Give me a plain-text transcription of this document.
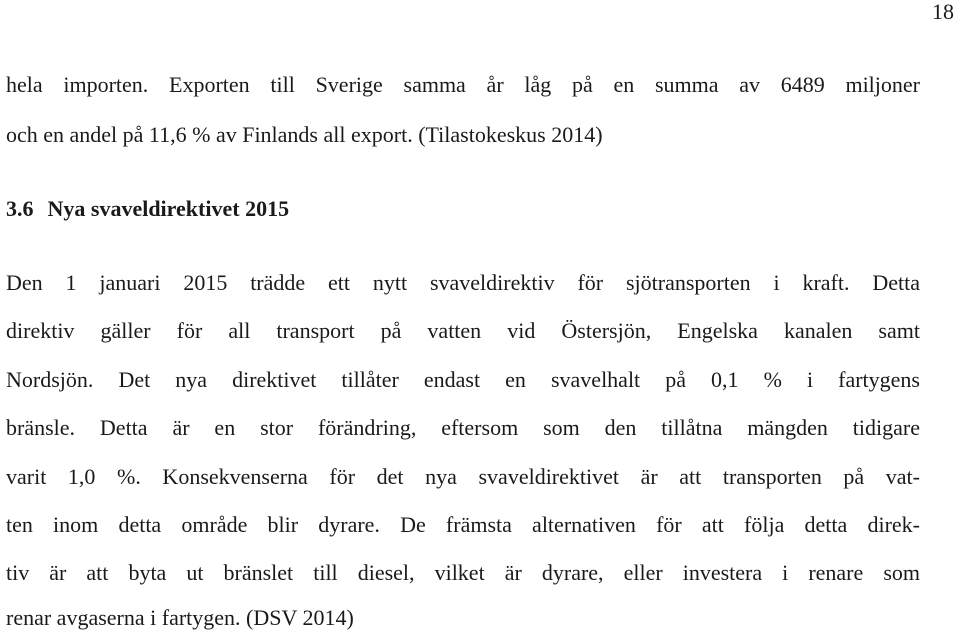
18

hela importen. Exporten till Sverige samma år låg på en summa av 6489 miljoner

och en andel på 11,6 % av Finlands all export. (Tilastokeskus 2014)

3.6 Nya svaveldirektivet 2015

Den 1 januari 2015 trädde ett nytt svaveldirektiv för sjötransporten i kraft. Detta

direktiv gäller för all transport på vatten vid Östersjön, Engelska kanalen samt

Nordsjön. Det nya direktivet tillåter endast en svavelhalt på 0,1 % i fartygens

bränsle. Detta är en stor förändring, eftersom som den tillåtna mängden tidigare

varit 1,0 %. Konsekvenserna för det nya svaveldirektivet är att transporten på vat-

ten inom detta område blir dyrare. De främsta alternativen för att följa detta direk-

tiv är att byta ut bränslet till diesel, vilket är dyrare, eller investera i renare som

renar avgaserna i fartygen. (DSV 2014)
